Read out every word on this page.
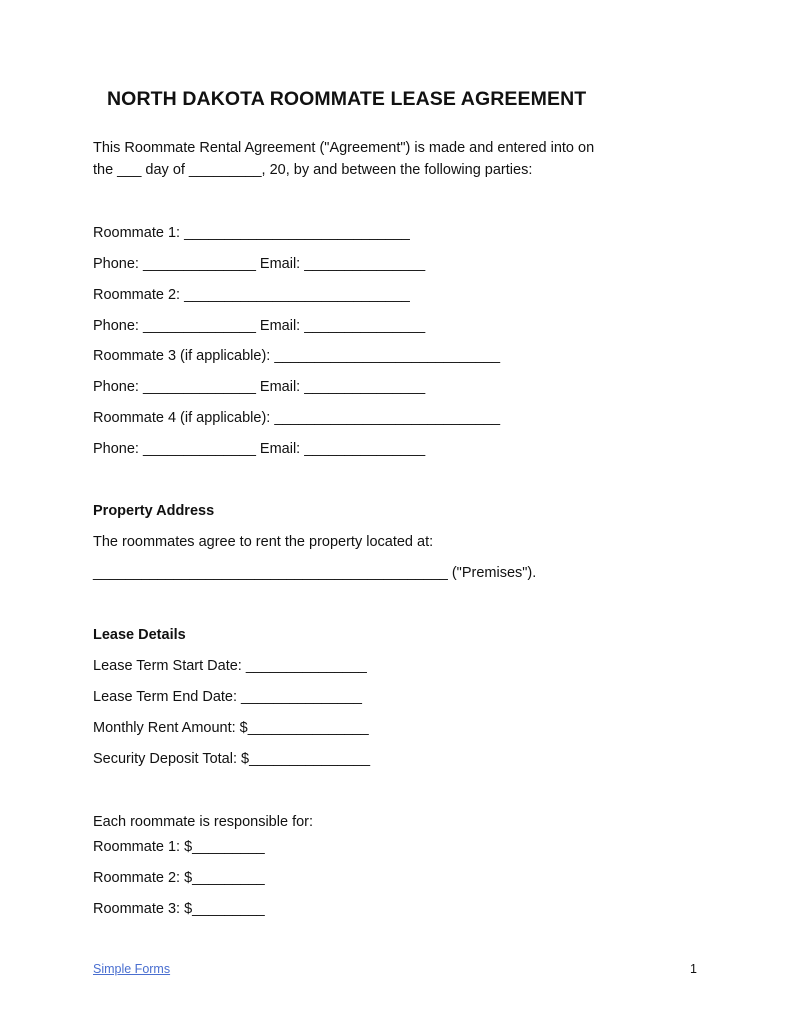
NORTH DAKOTA ROOMMATE LEASE AGREEMENT
This Roommate Rental Agreement ("Agreement") is made and entered into on
the ___ day of _________, 20, by and between the following parties:
Roommate 1: ____________________________
Phone: ______________ Email: _______________
Roommate 2: ____________________________
Phone: ______________ Email: _______________
Roommate 3 (if applicable): ____________________________
Phone: ______________ Email: _______________
Roommate 4 (if applicable): ____________________________
Phone: ______________ Email: _______________
Property Address
The roommates agree to rent the property located at:
____________________________________________ ("Premises").
Lease Details
Lease Term Start Date: _______________
Lease Term End Date: _______________
Monthly Rent Amount: $_______________
Security Deposit Total: $_______________
Each roommate is responsible for:
Roommate 1: $_________
Roommate 2: $_________
Roommate 3: $_________
Simple Forms	1
